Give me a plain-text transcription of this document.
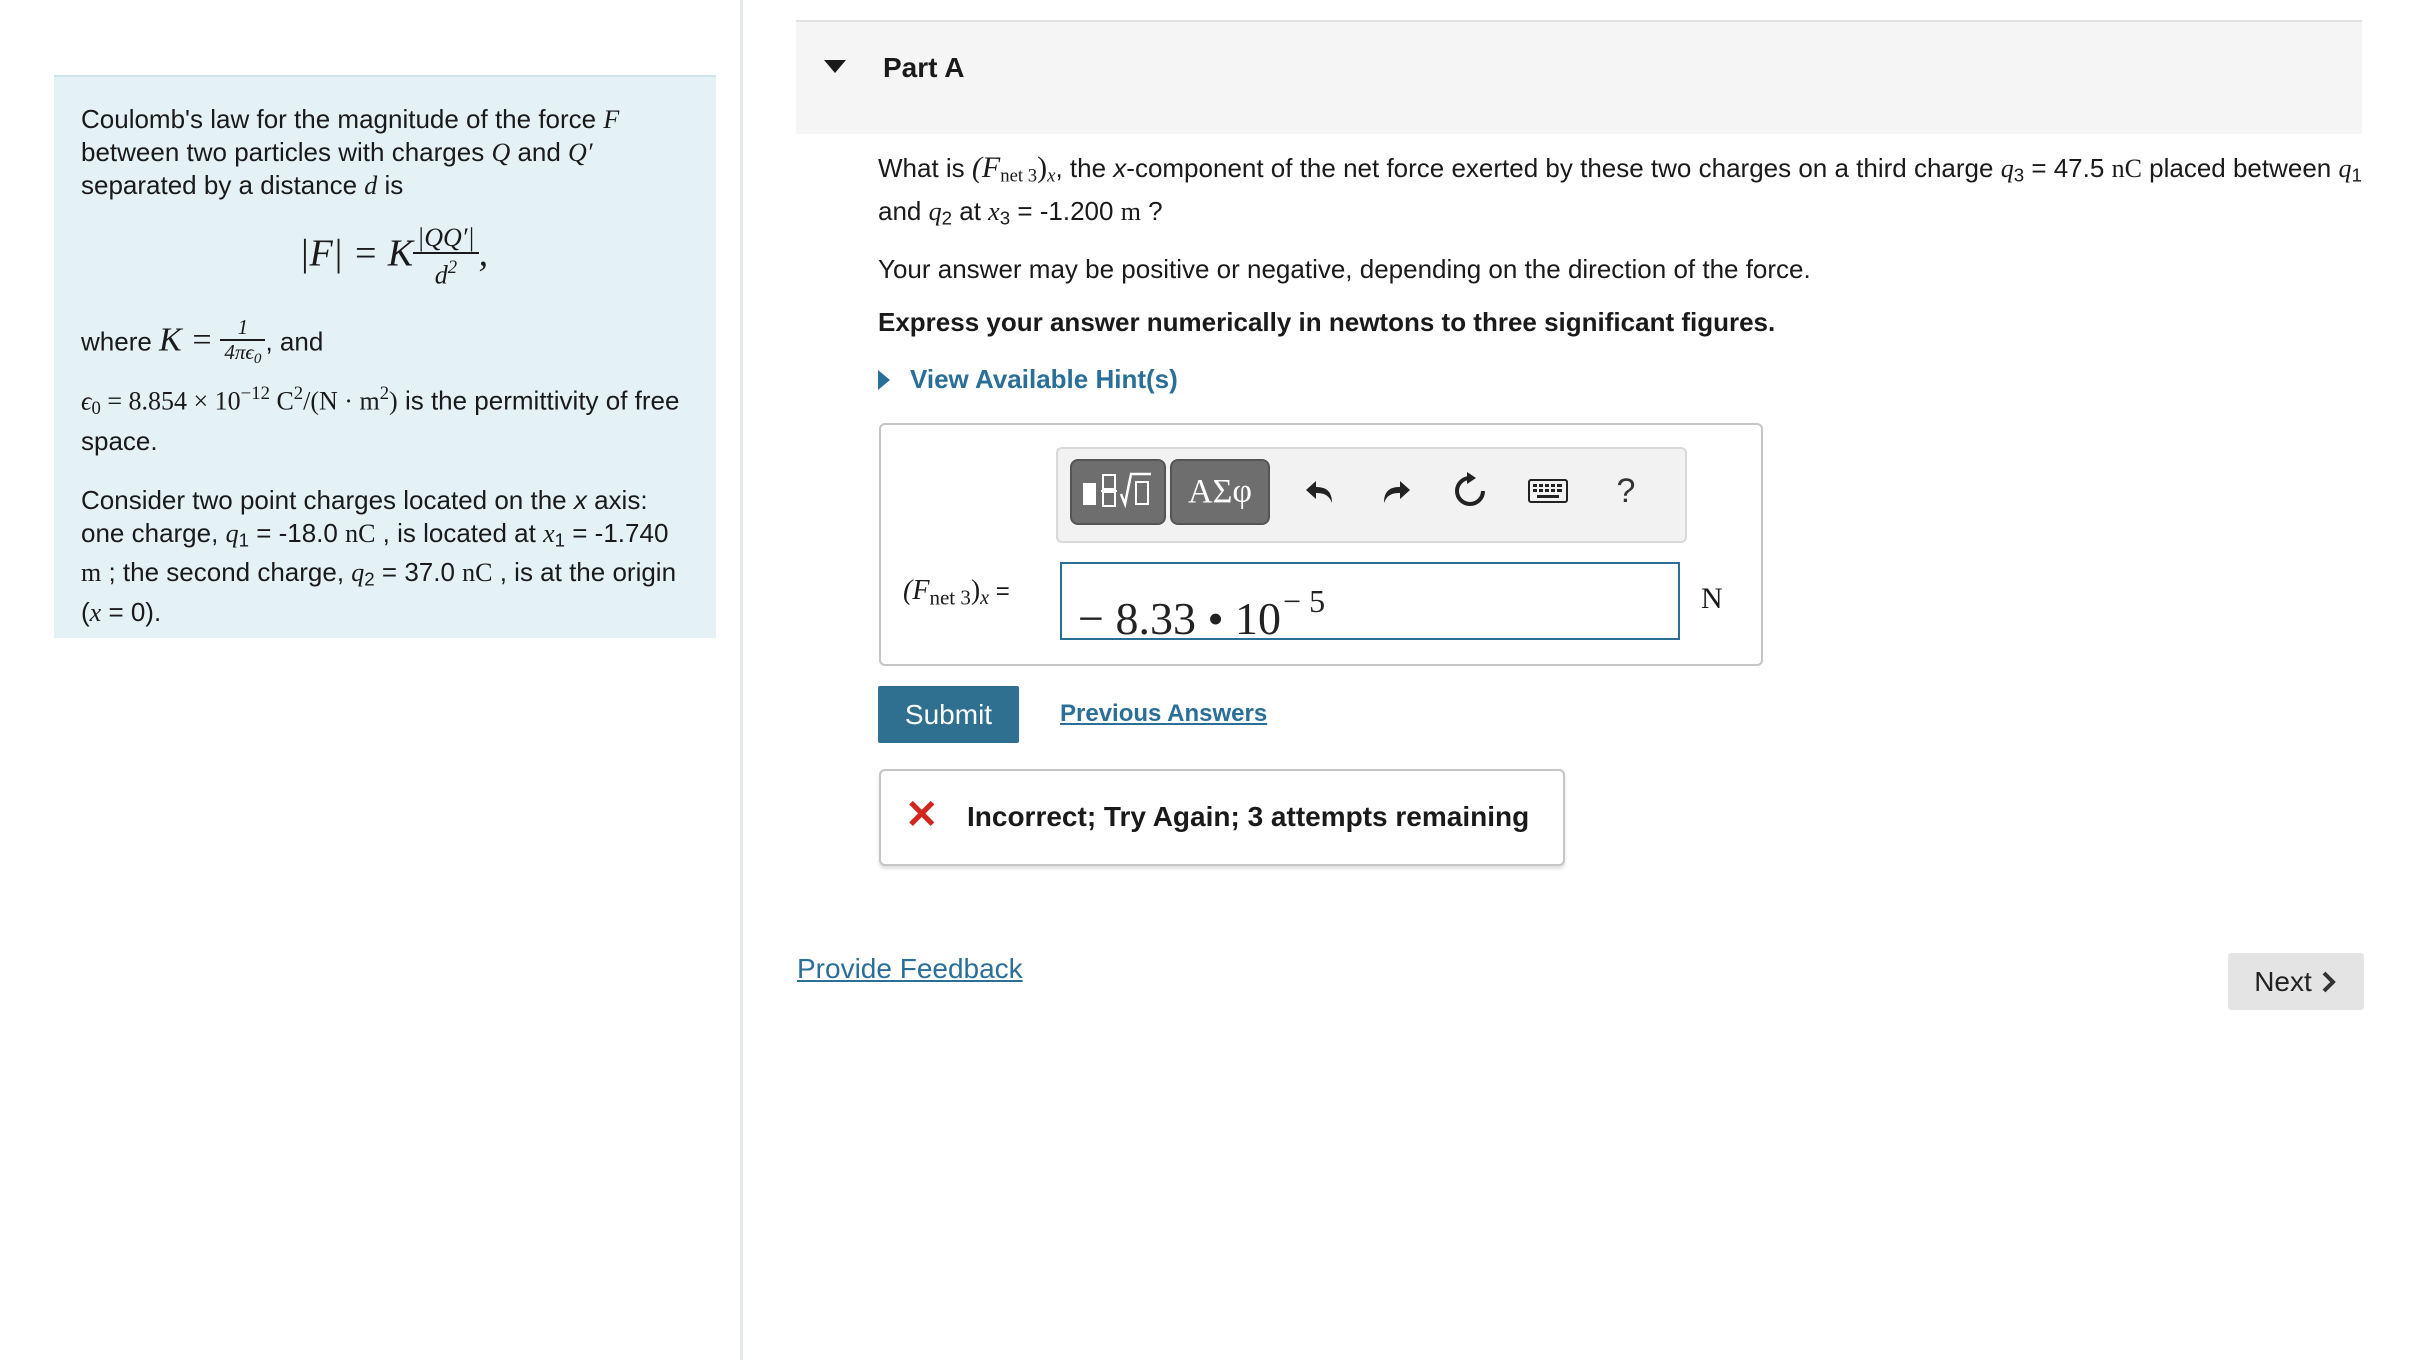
Coulomb's law for the magnitude of the force F between two particles with charges Q and Q′ separated by a distance d is

|F| = K $\frac{|QQ'|}{d^2}$ ,

where $K = \frac{1}{4\pi\epsilon_0}$ , and

$\epsilon_0 = 8.854 \times 10^{-12}$ $C^2/(N \cdot m^2)$ is the permittivity of free space.

Consider two point charges located on the x axis: one charge, $q_1 = -18.0$ nC , is located at $x_1 = -1.740$ m ; the second charge, $q_2 = 37.0$ nC , is at the origin (x = 0).

Part A
What is $(F_{net 3})_x$, the x-component of the net force exerted by these two charges on a third charge $q_3 = 47.5$ nC placed between $q_1$ and $q_2$ at $x_3 = -1.200$ m ?
Your answer may be positive or negative, depending on the direction of the force.
Express your answer numerically in newtons to three significant figures.
View Available Hint(s)
ΑΣφ	?
$(F_{net 3})_x$ =
− 8.33 • $10^{- 5}$	N
Submit	Previous Answers
✕ Incorrect; Try Again; 3 attempts remaining
Provide Feedback	Next
